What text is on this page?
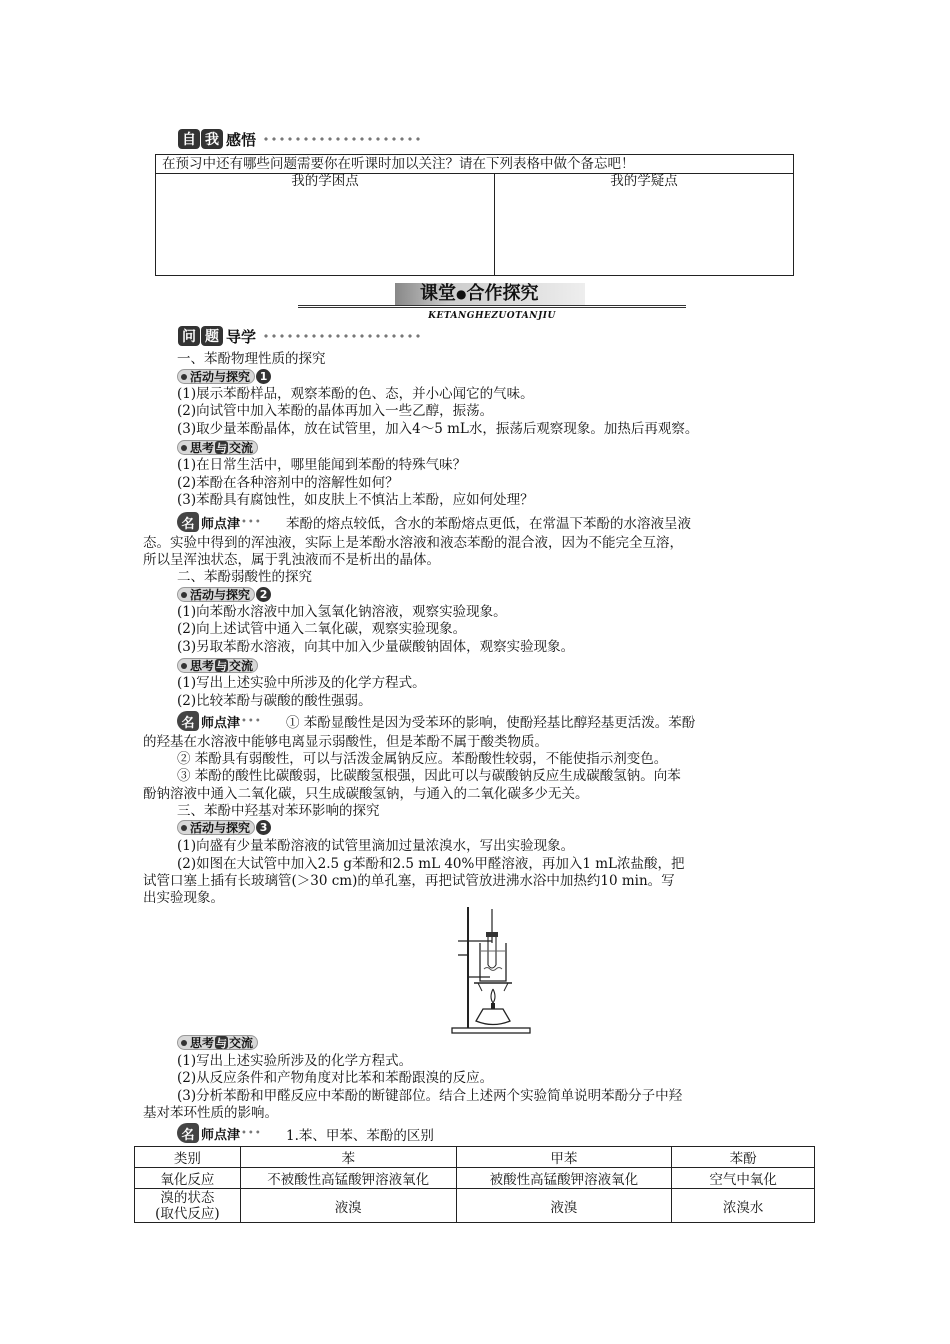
自 我 感悟
在预习中还有哪些问题需要你在听课时加以关注？请在下列表格中做个备忘吧！
我的学困点	我的学疑点
课堂●合作探究
KETANGHEZUOTANJIU
问 题 导学
一、苯酚物理性质的探究
活动与探究 1
(1)展示苯酚样品，观察苯酚的色、态，并小心闻它的气味。
(2)向试管中加入苯酚的晶体再加入一些乙醇，振荡。
(3)取少量苯酚晶体，放在试管里，加入4～5 mL水，振荡后观察现象。加热后再观察。
思考 与 交流
(1)在日常生活中，哪里能闻到苯酚的特殊气味？
(2)苯酚在各种溶剂中的溶解性如何？
(3)苯酚具有腐蚀性，如皮肤上不慎沾上苯酚，应如何处理？
名 师点津 ••• 苯酚的熔点较低，含水的苯酚熔点更低，在常温下苯酚的水溶液呈液
态。实验中得到的浑浊液，实际上是苯酚水溶液和液态苯酚的混合液，因为不能完全互溶，
所以呈浑浊状态，属于乳浊液而不是析出的晶体。
二、苯酚弱酸性的探究
活动与探究 2
(1)向苯酚水溶液中加入氢氧化钠溶液，观察实验现象。
(2)向上述试管中通入二氧化碳，观察实验现象。
(3)另取苯酚水溶液，向其中加入少量碳酸钠固体，观察实验现象。
思考 与 交流
(1)写出上述实验中所涉及的化学方程式。
(2)比较苯酚与碳酸的酸性强弱。
名 师点津 ••• ① 苯酚显酸性是因为受苯环的影响，使酚羟基比醇羟基更活泼。苯酚
的羟基在水溶液中能够电离显示弱酸性，但是苯酚不属于酸类物质。
② 苯酚具有弱酸性，可以与活泼金属钠反应。苯酚酸性较弱，不能使指示剂变色。
③ 苯酚的酸性比碳酸弱，比碳酸氢根强，因此可以与碳酸钠反应生成碳酸氢钠。向苯
酚钠溶液中通入二氧化碳，只生成碳酸氢钠，与通入的二氧化碳多少无关。
三、苯酚中羟基对苯环影响的探究
活动与探究 3
(1)向盛有少量苯酚溶液的试管里滴加过量浓溴水，写出实验现象。
(2)如图在大试管中加入2.5 g苯酚和2.5 mL 40%甲醛溶液，再加入1 mL浓盐酸，把
试管口塞上插有长玻璃管(＞30 cm)的单孔塞，再把试管放进沸水浴中加热约10 min。写
出实验现象。
思考 与 交流
(1)写出上述实验所涉及的化学方程式。
(2)从反应条件和产物角度对比苯和苯酚跟溴的反应。
(3)分析苯酚和甲醛反应中苯酚的断键部位。结合上述两个实验简单说明苯酚分子中羟
基对苯环性质的影响。
名 师点津 ••• 1.苯、甲苯、苯酚的区别
类别	苯	甲苯	苯酚
氧化反应	不被酸性高锰酸钾溶液氧化	被酸性高锰酸钾溶液氧化	空气中氧化

溴的状态
(取代反应)	液溴	液溴	浓溴水
